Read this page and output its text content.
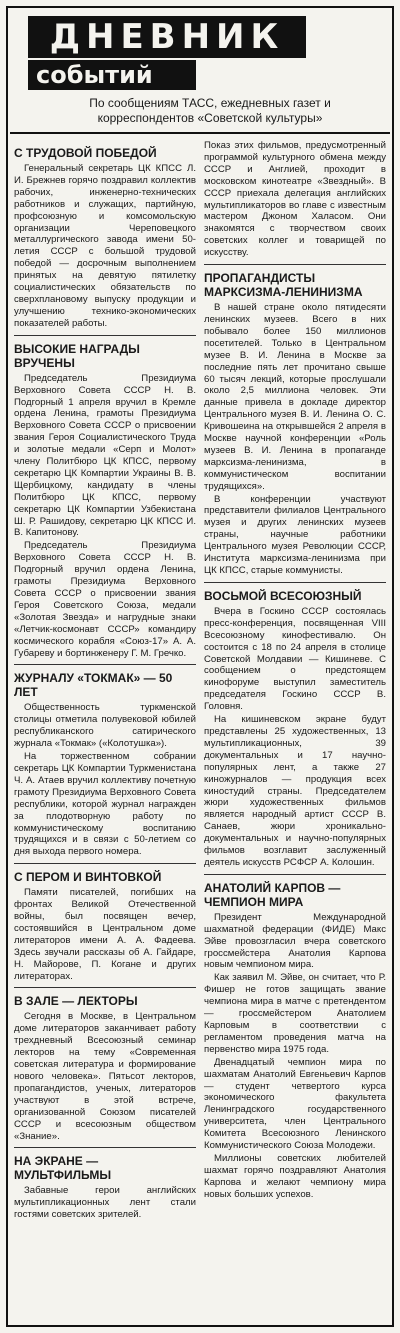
ДНЕВНИК
событий
По сообщениям ТАСС, ежедневных газет и корреспондентов «Советской культуры»
С ТРУДОВОЙ ПОБЕДОЙ

Генеральный секретарь ЦК КПСС Л. И. Брежнев горячо поздравил коллектив рабочих, инженерно-технических работников и служащих, партийную, профсоюзную и комсомольскую организации Череповецкого металлургического завода имени 50-летия СССР с большой трудовой победой — досрочным выполнением принятых на девятую пятилетку социалистических обязательств по сверхплановому выпуску продукции и улучшению технико-экономических показателей работы.

ВЫСОКИЕ НАГРАДЫ ВРУЧЕНЫ

Председатель Президиума Верховного Совета СССР Н. В. Подгорный 1 апреля вручил в Кремле ордена Ленина, грамоты Президиума Верховного Совета СССР о присвоении звания Героя Социалистического Труда и золотые медали «Серп и Молот» члену Политбюро ЦК КПСС, первому секретарю ЦК Компартии Украины В. В. Щербицкому, кандидату в члены Политбюро ЦК КПСС, первому секретарю ЦК Компартии Узбекистана Ш. Р. Рашидову, секретарю ЦК КПСС И. В. Капитонову.

Председатель Президиума Верховного Совета СССР Н. В. Подгорный вручил ордена Ленина, грамоты Президиума Верховного Совета СССР о присвоении звания Героя Советского Союза, медали «Золотая Звезда» и нагрудные знаки «Летчик-космонавт СССР» командиру космического корабля «Союз-17» А. А. Губареву и бортинженеру Г. М. Гречко.

ЖУРНАЛУ «ТОКМАК» — 50 ЛЕТ

Общественность туркменской столицы отметила полувековой юбилей республиканского сатирического журнала «Токмак» («Колотушка»).

На торжественном собрании секретарь ЦК Компартии Туркменистана Ч. А. Атаев вручил коллективу почетную грамоту Президиума Верховного Совета республики, которой журнал награжден за плодотворную работу по коммунистическому воспитанию трудящихся и в связи с 50-летием со дня выхода первого номера.

С ПЕРОМ И ВИНТОВКОЙ

Памяти писателей, погибших на фронтах Великой Отечественной войны, был посвящен вечер, состоявшийся в Центральном доме литераторов имени А. А. Фадеева. Здесь звучали рассказы об А. Гайдаре, Н. Майорове, П. Когане и других литераторах.

В ЗАЛЕ — ЛЕКТОРЫ

Сегодня в Москве, в Центральном доме литераторов заканчивает работу трехдневный Всесоюзный семинар лекторов на тему «Современная советская литература и формирование нового человека». Пятьсот лекторов, пропагандистов, ученых, литераторов участвуют в этой встрече, организованной Союзом писателей СССР и всесоюзным обществом «Знание».

НА ЭКРАНЕ — МУЛЬТФИЛЬМЫ

Забавные герои английских мультипликационных лент стали гостями советских зрителей.

Показ этих фильмов, предусмотренный программой культурного обмена между СССР и Англией, проходит в московском кинотеатре «Звездный». В СССР приехала делегация английских мультипликаторов во главе с известным мастером Джоном Халасом. Они знакомятся с творчеством своих советских коллег и товарищей по искусству.

ПРОПАГАНДИСТЫ МАРКСИЗМА-ЛЕНИНИЗМА

В нашей стране около пятидесяти ленинских музеев. Всего в них побывало более 150 миллионов посетителей. Только в Центральном музее В. И. Ленина в Москве за последние пять лет прочитано свыше 60 тысяч лекций, которые прослушали около 2,5 миллиона человек. Эти данные привела в докладе директор Центрального музея В. И. Ленина О. С. Кривошеина на открывшейся 2 апреля в Москве научной конференции «Роль музеев В. И. Ленина в пропаганде марксизма-ленинизма, в коммунистическом воспитании трудящихся».

В конференции участвуют представители филиалов Центрального музея и других ленинских музеев страны, научные работники Центрального музея Революции СССР, Института марксизма-ленинизма при ЦК КПСС, старые коммунисты.

ВОСЬМОЙ ВСЕСОЮЗНЫЙ

Вчера в Госкино СССР состоялась пресс-конференция, посвященная VIII Всесоюзному кинофестивалю. Он состоится с 18 по 24 апреля в столице Советской Молдавии — Кишиневе. С сообщением о предстоящем кинофоруме выступил заместитель председателя Госкино СССР В. Головня.

На кишиневском экране будут представлены 25 художественных, 13 мультипликационных, 39 документальных и 17 научно-популярных лент, а также 27 киножурналов — продукция всех киностудий страны. Председателем жюри художественных фильмов является народный артист СССР В. Санаев, жюри хроникально-документальных и научно-популярных фильмов возглавит заслуженный деятель искусств РСФСР А. Колошин.

АНАТОЛИЙ КАРПОВ — ЧЕМПИОН МИРА

Президент Международной шахматной федерации (ФИДЕ) Макс Эйве провозгласил вчера советского гроссмейстера Анатолия Карпова новым чемпионом мира.

Как заявил М. Эйве, он считает, что Р. Фишер не готов защищать звание чемпиона мира в матче с претендентом — гроссмейстером Анатолием Карповым в соответствии с регламентом проведения матча на первенство мира 1975 года.

Двенадцатый чемпион мира по шахматам Анатолий Евгеньевич Карпов — студент четвертого курса экономического факультета Ленинградского государственного университета, член Центрального Комитета Всесоюзного Ленинского Коммунистического Союза Молодежи.

Миллионы советских любителей шахмат горячо поздравляют Анатолия Карпова и желают чемпиону мира новых больших успехов.
